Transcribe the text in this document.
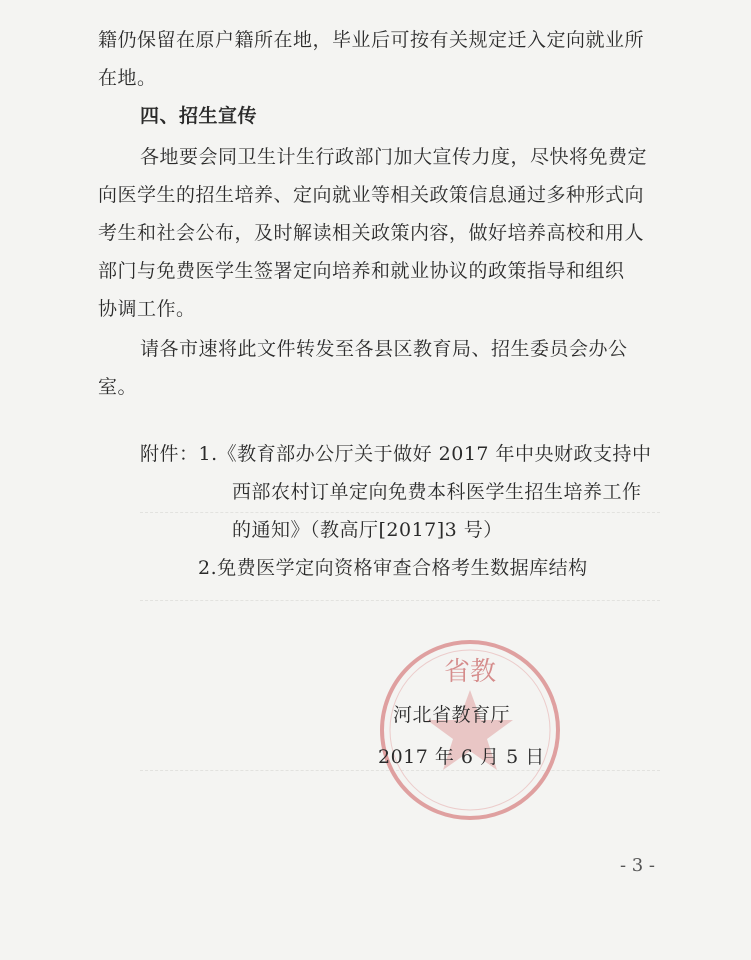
籍仍保留在原户籍所在地，毕业后可按有关规定迁入定向就业所
在地。
四、招生宣传
各地要会同卫生计生行政部门加大宣传力度，尽快将免费定
向医学生的招生培养、定向就业等相关政策信息通过多种形式向
考生和社会公布，及时解读相关政策内容，做好培养高校和用人
部门与免费医学生签署定向培养和就业协议的政策指导和组织
协调工作。
请各市速将此文件转发至各县区教育局、招生委员会办公
室。
附件：1.《教育部办公厅关于做好 2017 年中央财政支持中
西部农村订单定向免费本科医学生招生培养工作
的通知》（教高厅[2017]3 号）
2.免费医学定向资格审查合格考生数据库结构
省教
河北省教育厅
2017 年 6 月 5 日
- 3 -
